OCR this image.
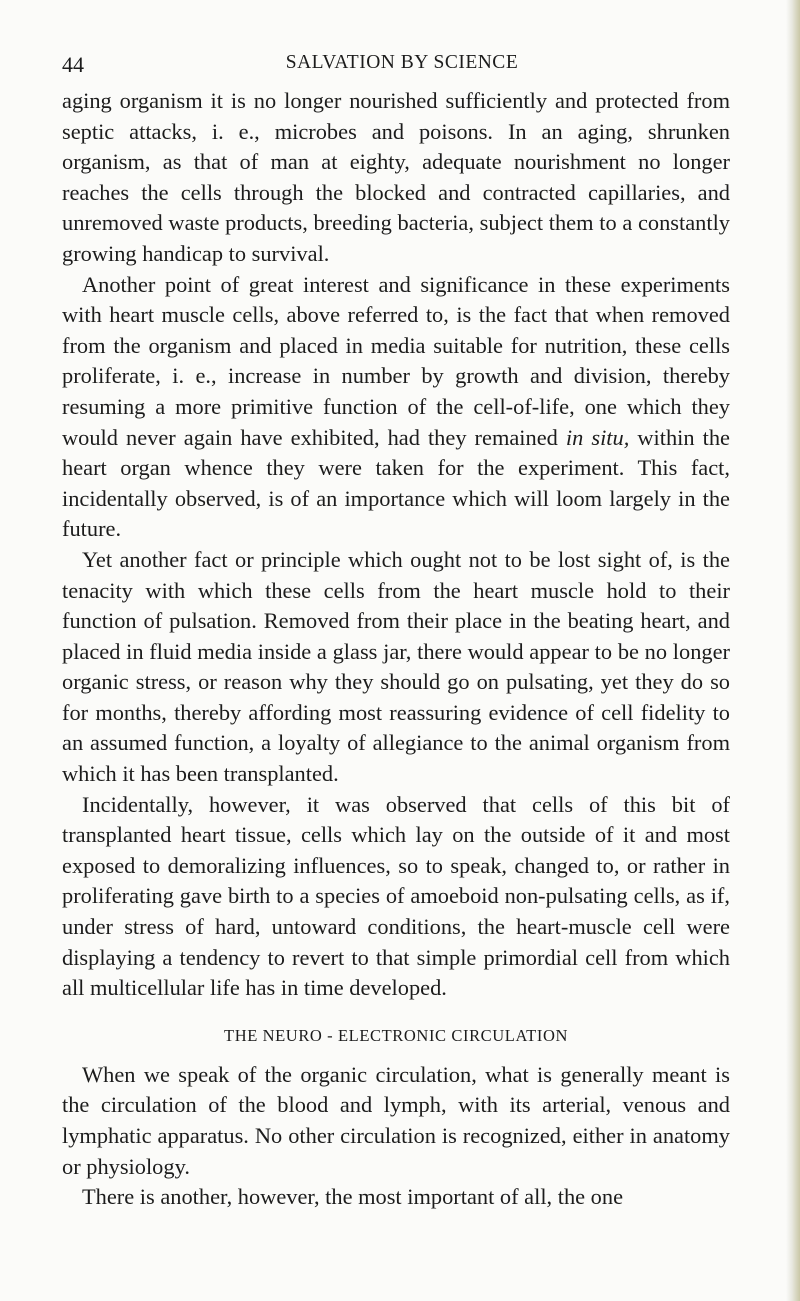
44	SALVATION BY SCIENCE

aging organism it is no longer nourished sufficiently and protected from septic attacks, i. e., microbes and poisons. In an aging, shrunken organism, as that of man at eighty, adequate nourishment no longer reaches the cells through the blocked and contracted capillaries, and unremoved waste products, breeding bacteria, subject them to a constantly growing handicap to survival.

Another point of great interest and significance in these experiments with heart muscle cells, above referred to, is the fact that when removed from the organism and placed in media suitable for nutrition, these cells proliferate, i. e., increase in number by growth and division, thereby resuming a more primitive function of the cell-of-life, one which they would never again have exhibited, had they remained in situ, within the heart organ whence they were taken for the experiment. This fact, incidentally observed, is of an importance which will loom largely in the future.

Yet another fact or principle which ought not to be lost sight of, is the tenacity with which these cells from the heart muscle hold to their function of pulsation. Removed from their place in the beating heart, and placed in fluid media inside a glass jar, there would appear to be no longer organic stress, or reason why they should go on pulsating, yet they do so for months, thereby affording most reassuring evidence of cell fidelity to an assumed function, a loyalty of allegiance to the animal organism from which it has been transplanted.

Incidentally, however, it was observed that cells of this bit of transplanted heart tissue, cells which lay on the outside of it and most exposed to demoralizing influences, so to speak, changed to, or rather in proliferating gave birth to a species of amoeboid non-pulsating cells, as if, under stress of hard, untoward conditions, the heart-muscle cell were displaying a tendency to revert to that simple primordial cell from which all multicellular life has in time developed.

THE NEURO - ELECTRONIC CIRCULATION

When we speak of the organic circulation, what is generally meant is the circulation of the blood and lymph, with its arterial, venous and lymphatic apparatus. No other circulation is recognized, either in anatomy or physiology.

There is another, however, the most important of all, the one
